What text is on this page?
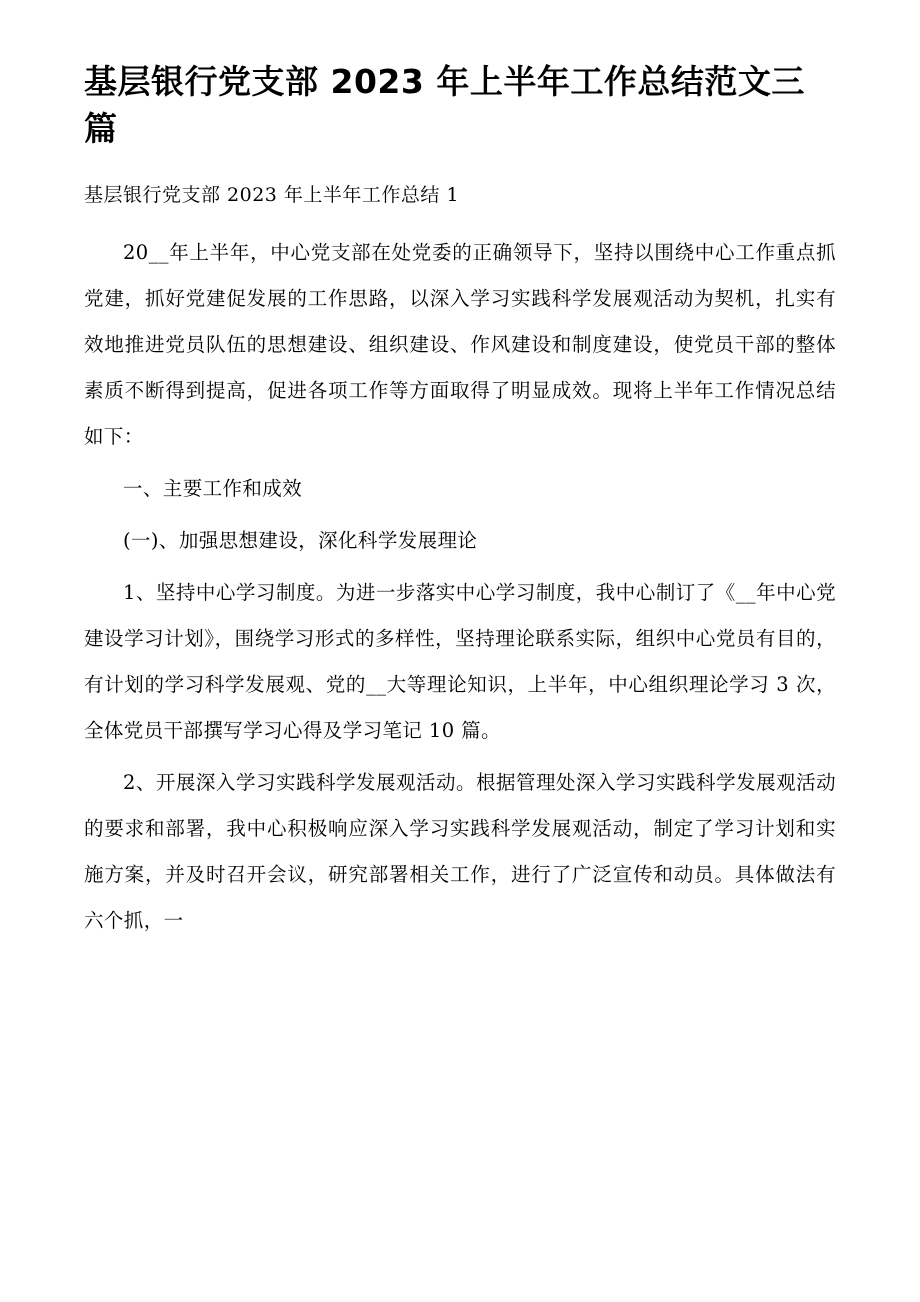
基层银行党支部 2023 年上半年工作总结范文三篇

基层银行党支部 2023 年上半年工作总结 1

20__年上半年，中心党支部在处党委的正确领导下，坚持以围绕中心工作重点抓党建，抓好党建促发展的工作思路，以深入学习实践科学发展观活动为契机，扎实有效地推进党员队伍的思想建设、组织建设、作风建设和制度建设，使党员干部的整体素质不断得到提高，促进各项工作等方面取得了明显成效。现将上半年工作情况总结如下：

一、主要工作和成效

(一)、加强思想建设，深化科学发展理论

1、坚持中心学习制度。为进一步落实中心学习制度，我中心制订了《__年中心党建设学习计划》，围绕学习形式的多样性，坚持理论联系实际，组织中心党员有目的，有计划的学习科学发展观、党的__大等理论知识，上半年，中心组织理论学习 3 次，全体党员干部撰写学习心得及学习笔记 10 篇。

2、开展深入学习实践科学发展观活动。根据管理处深入学习实践科学发展观活动的要求和部署，我中心积极响应深入学习实践科学发展观活动，制定了学习计划和实施方案，并及时召开会议，研究部署相关工作，进行了广泛宣传和动员。具体做法有六个抓，一
